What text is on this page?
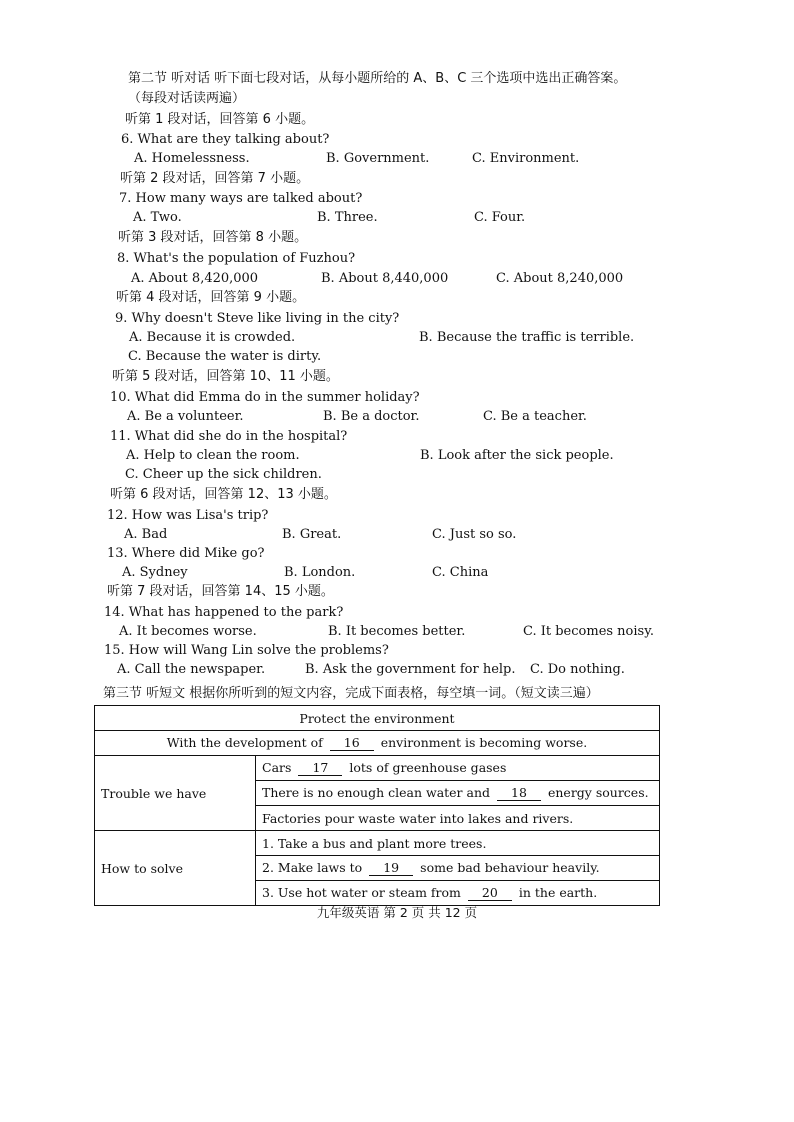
第二节 听对话 听下面七段对话，从每小题所给的 A、B、C 三个选项中选出正确答案。
（每段对话读两遍）
听第 1 段对话，回答第 6 小题。
6. What are they talking about?
A. Homelessness.	B. Government.	C. Environment.
听第 2 段对话，回答第 7 小题。
7. How many ways are talked about?
A. Two.	B. Three.	C. Four.
听第 3 段对话，回答第 8 小题。
8. What's the population of Fuzhou?
A. About 8,420,000	B. About 8,440,000	C. About 8,240,000
听第 4 段对话，回答第 9 小题。
9. Why doesn't Steve like living in the city?
A. Because it is crowded.	B. Because the traffic is terrible.
C. Because the water is dirty.
听第 5 段对话，回答第 10、11 小题。
10. What did Emma do in the summer holiday?
A. Be a volunteer.	B. Be a doctor.	C. Be a teacher.
11. What did she do in the hospital?
A. Help to clean the room.	B. Look after the sick people.
C. Cheer up the sick children.
听第 6 段对话，回答第 12、13 小题。
12. How was Lisa's trip?
A. Bad	B. Great.	C. Just so so.
13. Where did Mike go?
A. Sydney	B. London.	C. China
听第 7 段对话，回答第 14、15 小题。
14. What has happened to the park?
A. It becomes worse.	B. It becomes better.	C. It becomes noisy.
15. How will Wang Lin solve the problems?
A. Call the newspaper.	B. Ask the government for help. C. Do nothing.
第三节 听短文 根据你所听到的短文内容，完成下面表格，每空填一词。（短文读三遍）
Protect the environment	
With the development of 16 environment is becoming worse.	
Trouble we have	Cars 17 lots of greenhouse gases
	There is no enough clean water and 18 energy sources.
	Factories pour waste water into lakes and rivers.
How to solve	1. Take a bus and plant more trees.
	2. Make laws to 19 some bad behaviour heavily.
	3. Use hot water or steam from 20 in the earth.
九年级英语 第 2 页 共 12 页
